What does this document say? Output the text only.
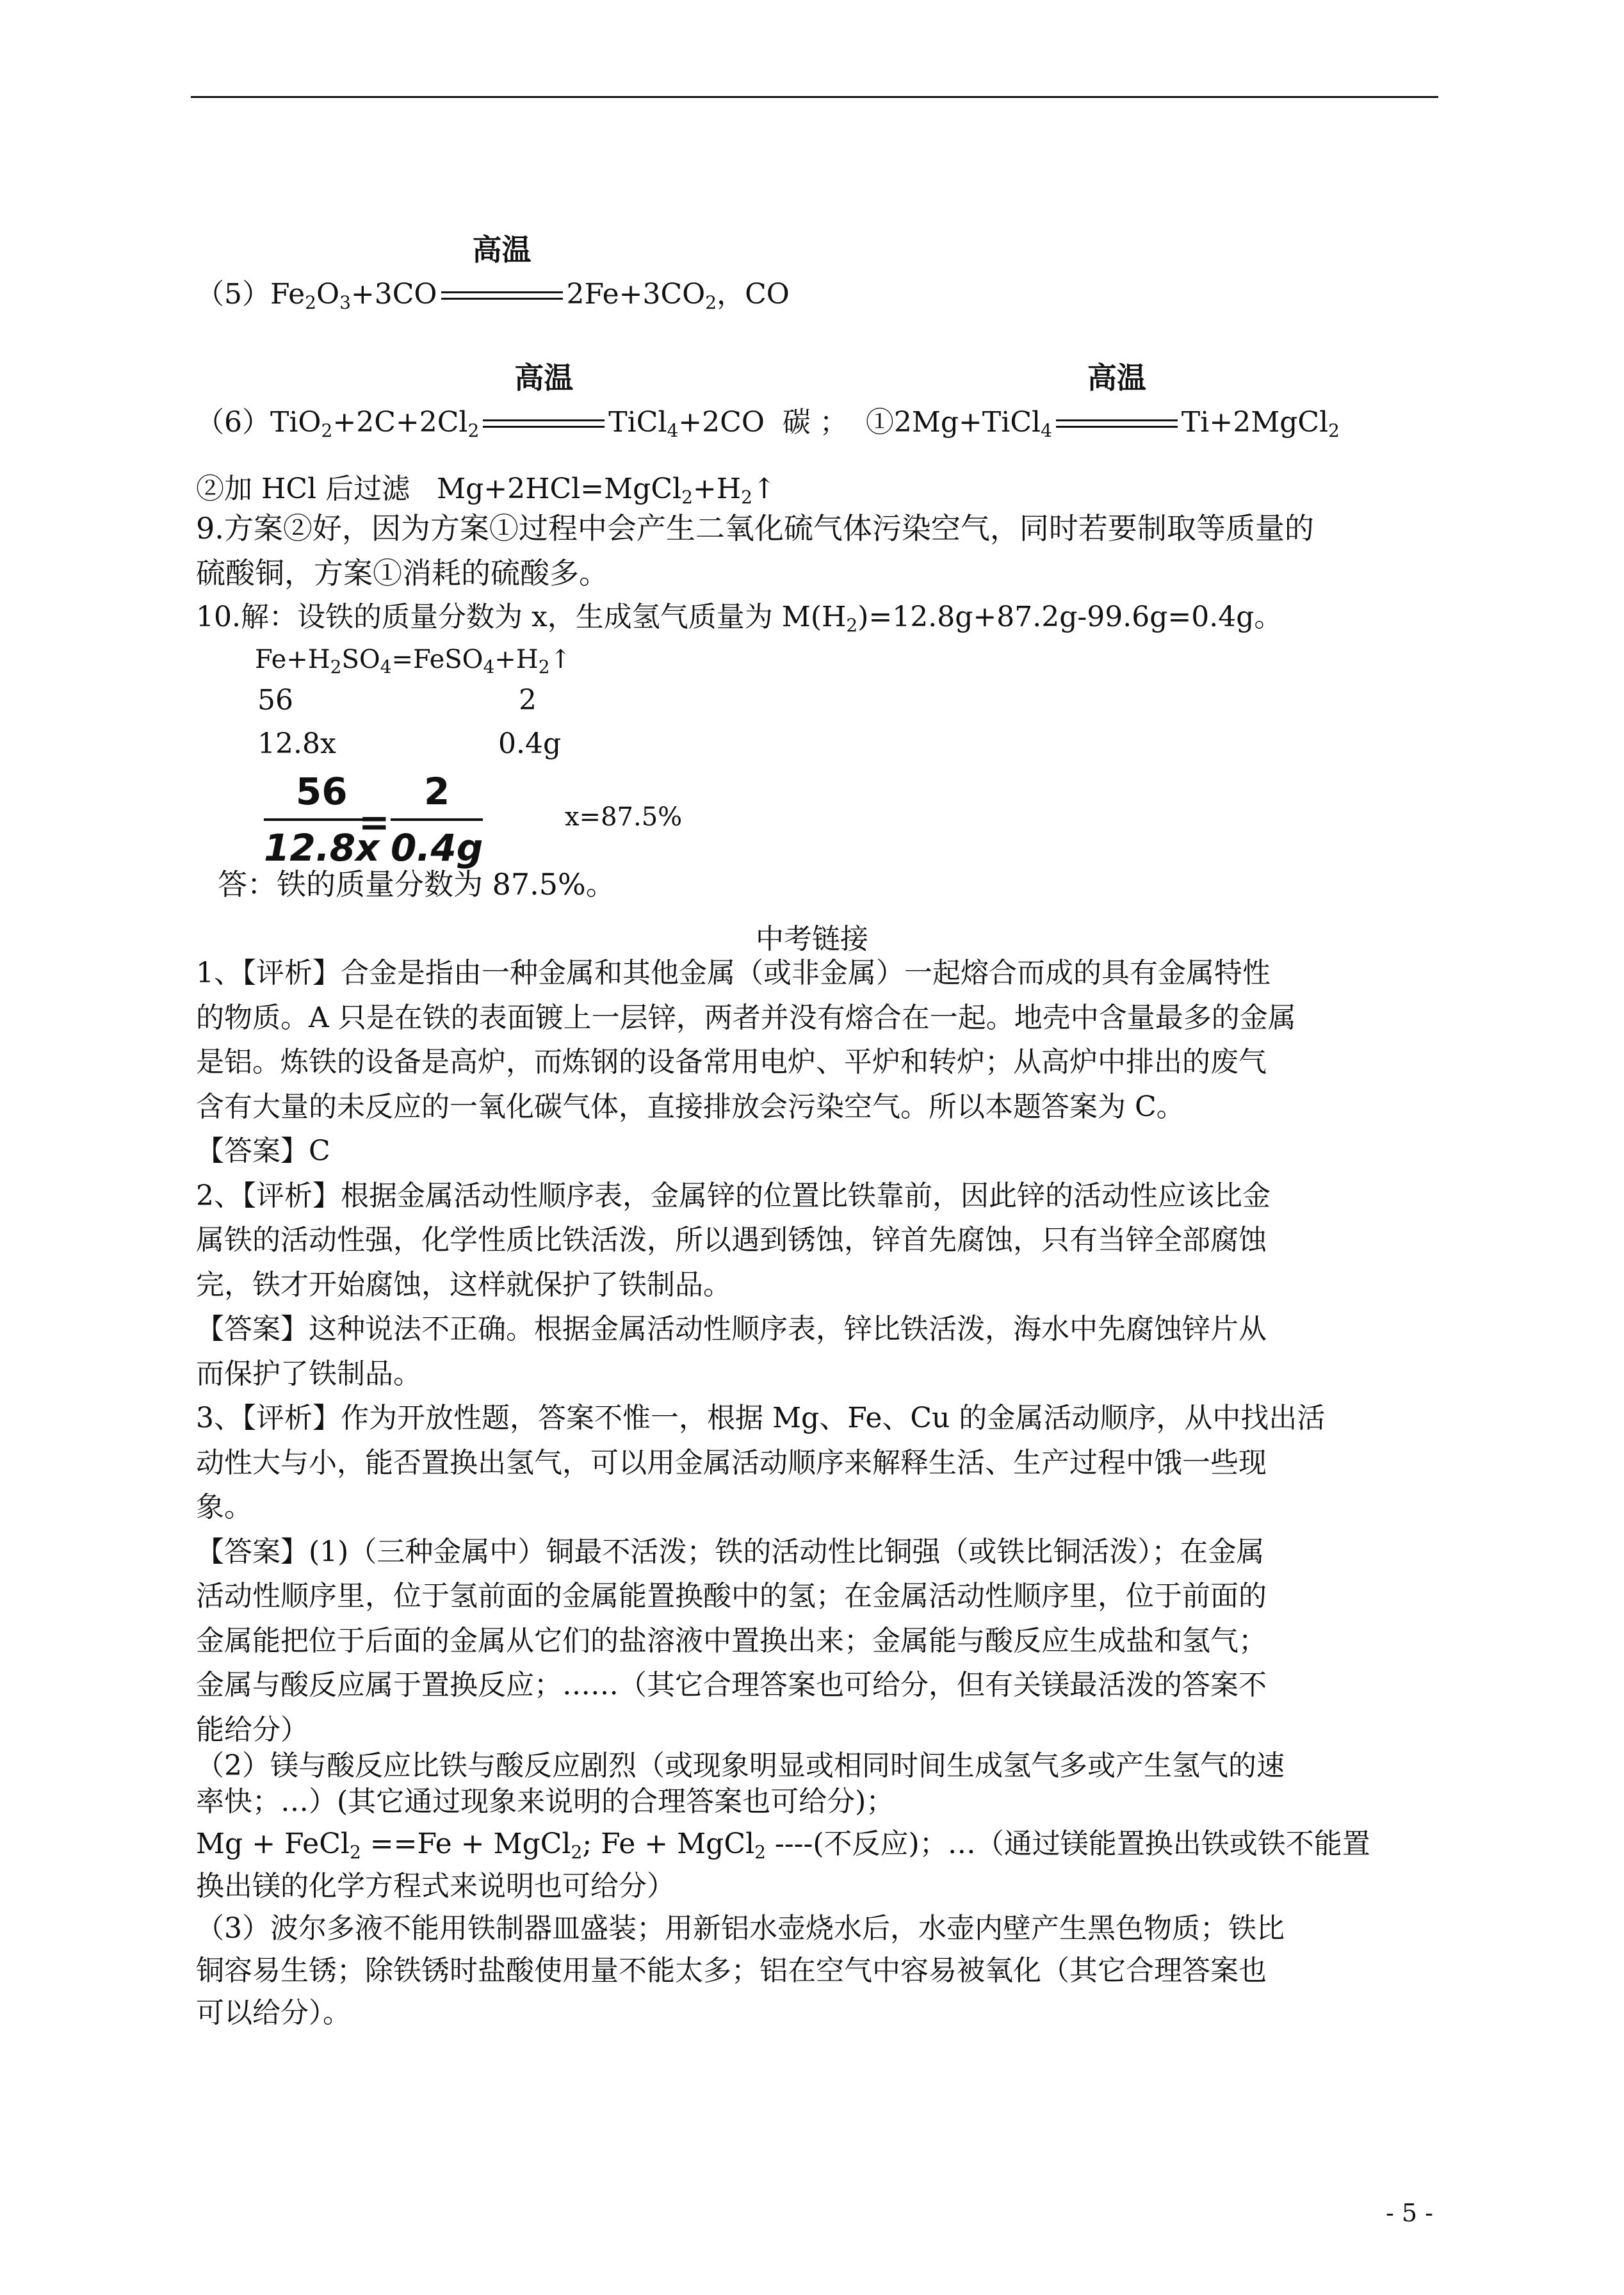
$(5)Fe_2O_3+3CO$
高温
$2Fe+3CO_2$，CO
$(6)TiO_2+2C+2Cl_2$
高温
TiCl$_4$+2CO  碳 ；  ①2Mg+TiCl$_4$
高温
Ti+2MgCl$_2$
②加 HCl 后过滤   $Mg+2HCl=MgCl_2+H_2↑$
9.方案②好，因为方案①过程中会产生二氧化硫气体污染空气，同时若要制取等质量的
硫酸铜，方案①消耗的硫酸多。
10.解：设铁的质量分数为 x，生成氢气质量为 $M(H_2)=12.8g+87.2g-99.6g=0.4g$。
$Fe+H_2SO_4=FeSO_4+H_2↑$
56	2
12.8x	0.4g
56
12.8x
=
2
0.4g
x=87.5%
答：铁的质量分数为 87.5%。
中考链接
1、【评析】合金是指由一种金属和其他金属（或非金属）一起熔合而成的具有金属特性
的物质。A 只是在铁的表面镀上一层锌，两者并没有熔合在一起。地壳中含量最多的金属
是铝。炼铁的设备是高炉，而炼钢的设备常用电炉、平炉和转炉；从高炉中排出的废气
含有大量的未反应的一氧化碳气体，直接排放会污染空气。所以本题答案为 C。
【答案】C
2、【评析】根据金属活动性顺序表，金属锌的位置比铁靠前，因此锌的活动性应该比金
属铁的活动性强，化学性质比铁活泼，所以遇到锈蚀，锌首先腐蚀，只有当锌全部腐蚀
完，铁才开始腐蚀，这样就保护了铁制品。
【答案】这种说法不正确。根据金属活动性顺序表，锌比铁活泼，海水中先腐蚀锌片从
而保护了铁制品。
3、【评析】作为开放性题，答案不惟一，根据 Mg、Fe、Cu 的金属活动顺序，从中找出活
动性大与小，能否置换出氢气，可以用金属活动顺序来解释生活、生产过程中饿一些现
象。
【答案】(1)（三种金属中）铜最不活泼；铁的活动性比铜强（或铁比铜活泼）；在金属
活动性顺序里，位于氢前面的金属能置换酸中的氢；在金属活动性顺序里，位于前面的
金属能把位于后面的金属从它们的盐溶液中置换出来；金属能与酸反应生成盐和氢气；
金属与酸反应属于置换反应；……（其它合理答案也可给分，但有关镁最活泼的答案不
能给分）
（2）镁与酸反应比铁与酸反应剧烈（或现象明显或相同时间生成氢气多或产生氢气的速
率快；…）(其它通过现象来说明的合理答案也可给分)；
Mg + FeCl$_2$ ==Fe + MgCl$_2$; Fe + MgCl$_2$ ----(不反应)；…（通过镁能置换出铁或铁不能置
换出镁的化学方程式来说明也可给分）
（3）波尔多液不能用铁制器皿盛装；用新铝水壶烧水后，水壶内壁产生黑色物质；铁比
铜容易生锈；除铁锈时盐酸使用量不能太多；铝在空气中容易被氧化（其它合理答案也
可以给分）。
- 5 -
